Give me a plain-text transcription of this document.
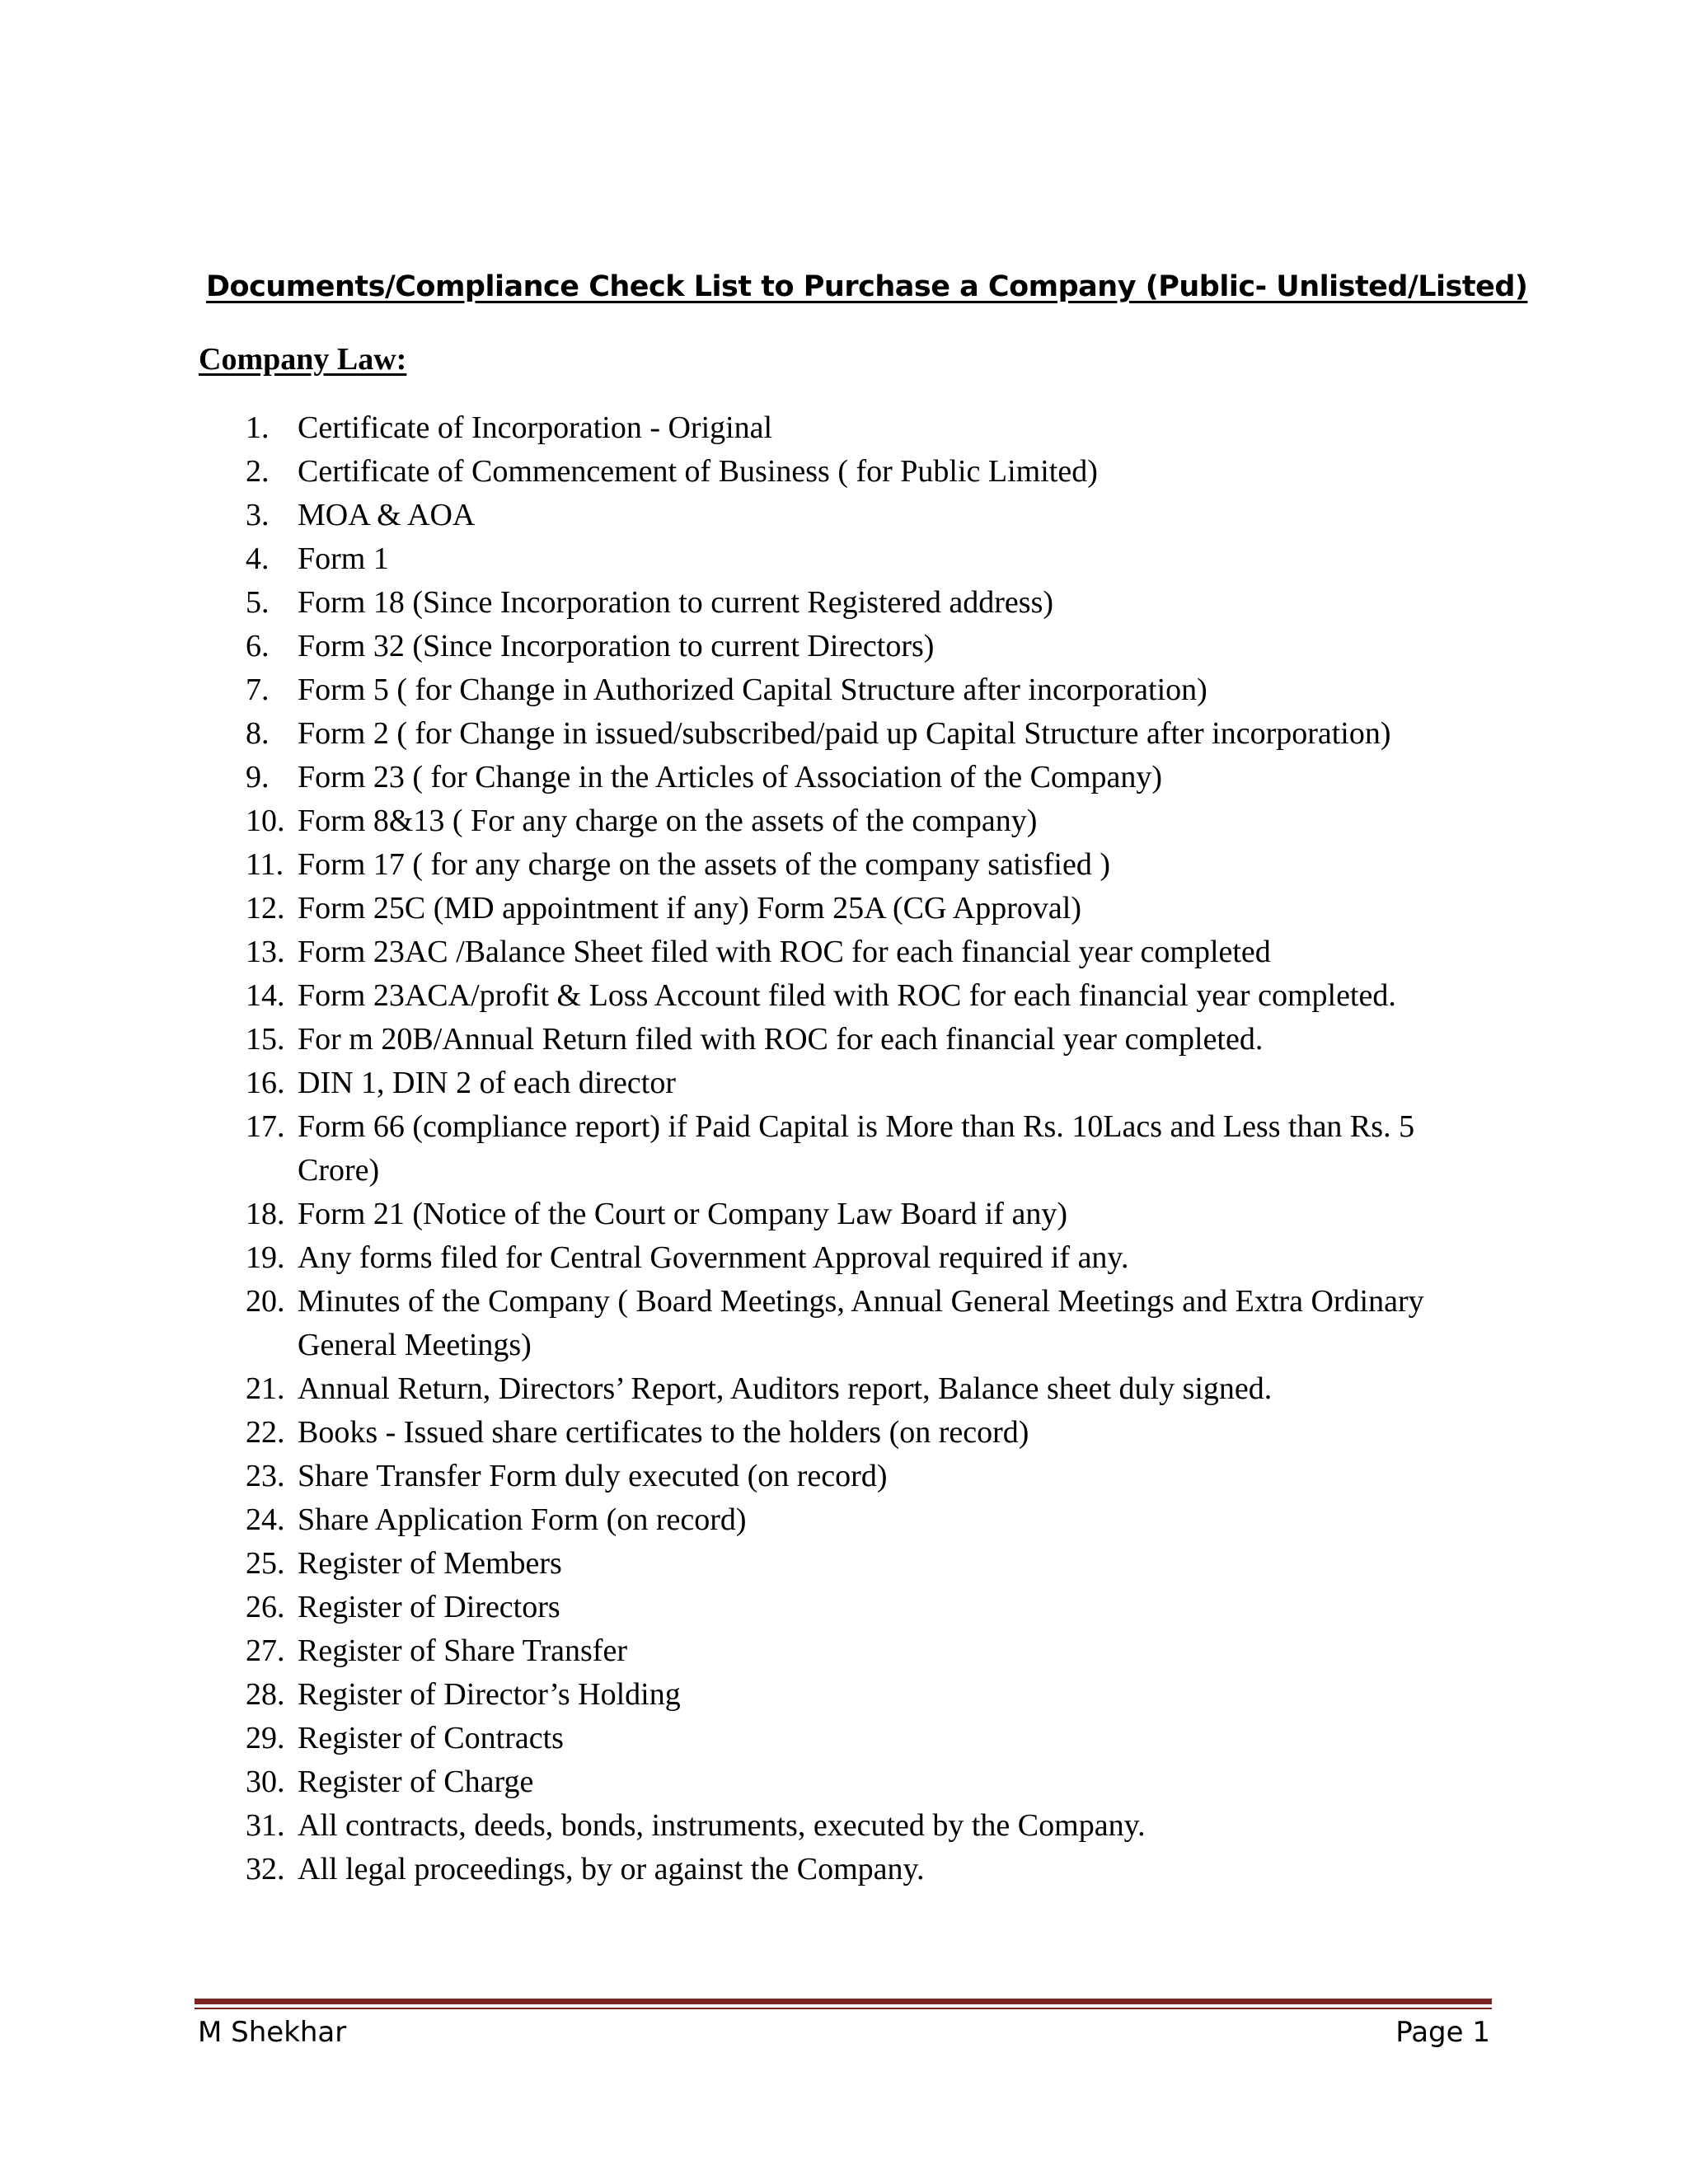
Documents/Compliance Check List to Purchase a Company (Public- Unlisted/Listed)
Company Law:
1. Certificate of Incorporation - Original
2. Certificate of Commencement of Business ( for Public Limited)
3. MOA & AOA
4. Form 1
5. Form 18 (Since Incorporation to current Registered address)
6. Form 32 (Since Incorporation to current Directors)
7. Form 5 ( for Change in Authorized Capital Structure after incorporation)
8. Form 2 ( for Change in issued/subscribed/paid up Capital Structure after incorporation)
9. Form 23 ( for Change in the Articles of Association of the Company)
10. Form 8&13 ( For any charge on the assets of the company)
11. Form 17 ( for any charge on the assets of the company satisfied )
12. Form 25C (MD appointment if any) Form 25A (CG Approval)
13. Form 23AC /Balance Sheet filed with ROC for each financial year completed
14. Form 23ACA/profit & Loss Account filed with ROC for each financial year completed.
15. For m 20B/Annual Return filed with ROC for each financial year completed.
16. DIN 1, DIN 2 of each director
17. Form 66 (compliance report) if Paid Capital is More than Rs. 10Lacs and Less than Rs. 5 Crore)
18. Form 21 (Notice of the Court or Company Law Board if any)
19. Any forms filed for Central Government Approval required if any.
20. Minutes of the Company ( Board Meetings, Annual General Meetings and Extra Ordinary General Meetings)
21. Annual Return, Directors’ Report, Auditors report, Balance sheet duly signed.
22. Books - Issued share certificates to the holders (on record)
23. Share Transfer Form duly executed (on record)
24. Share Application Form (on record)
25. Register of Members
26. Register of Directors
27. Register of Share Transfer
28. Register of Director’s Holding
29. Register of Contracts
30. Register of Charge
31. All contracts, deeds, bonds, instruments, executed by the Company.
32. All legal proceedings, by or against the Company.

M Shekhar	Page 1
